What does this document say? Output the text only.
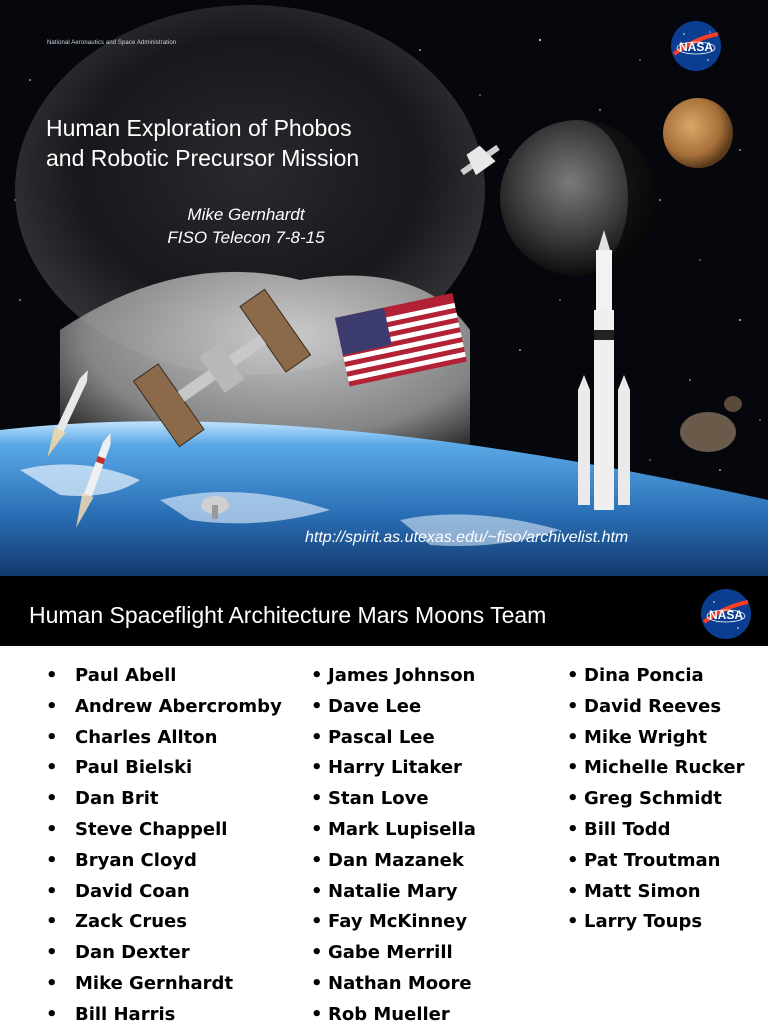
National Aeronautics and Space Administration	NASA
Human Exploration of Phobos
and Robotic Precursor Mission
Mike Gernhardt
FISO Telecon 7-8-15
http://spirit.as.utexas.edu/~fiso/archivelist.htm
Human Spaceflight Architecture Mars Moons Team	NASA
• Paul Abell
• Andrew Abercromby
• Charles Allton
• Paul Bielski
• Dan Brit
• Steve Chappell
• Bryan Cloyd
• David Coan
• Zack Crues
• Dan Dexter
• Mike Gernhardt
• Bill Harris
• James Johnson
• Dave Lee
• Pascal Lee
• Harry Litaker
• Stan Love
• Mark Lupisella
• Dan Mazanek
• Natalie Mary
• Fay McKinney
• Gabe Merrill
• Nathan Moore
• Rob Mueller
• Dina Poncia
• David Reeves
• Mike Wright
• Michelle Rucker
• Greg Schmidt
• Bill Todd
• Pat Troutman
• Matt Simon
• Larry Toups
